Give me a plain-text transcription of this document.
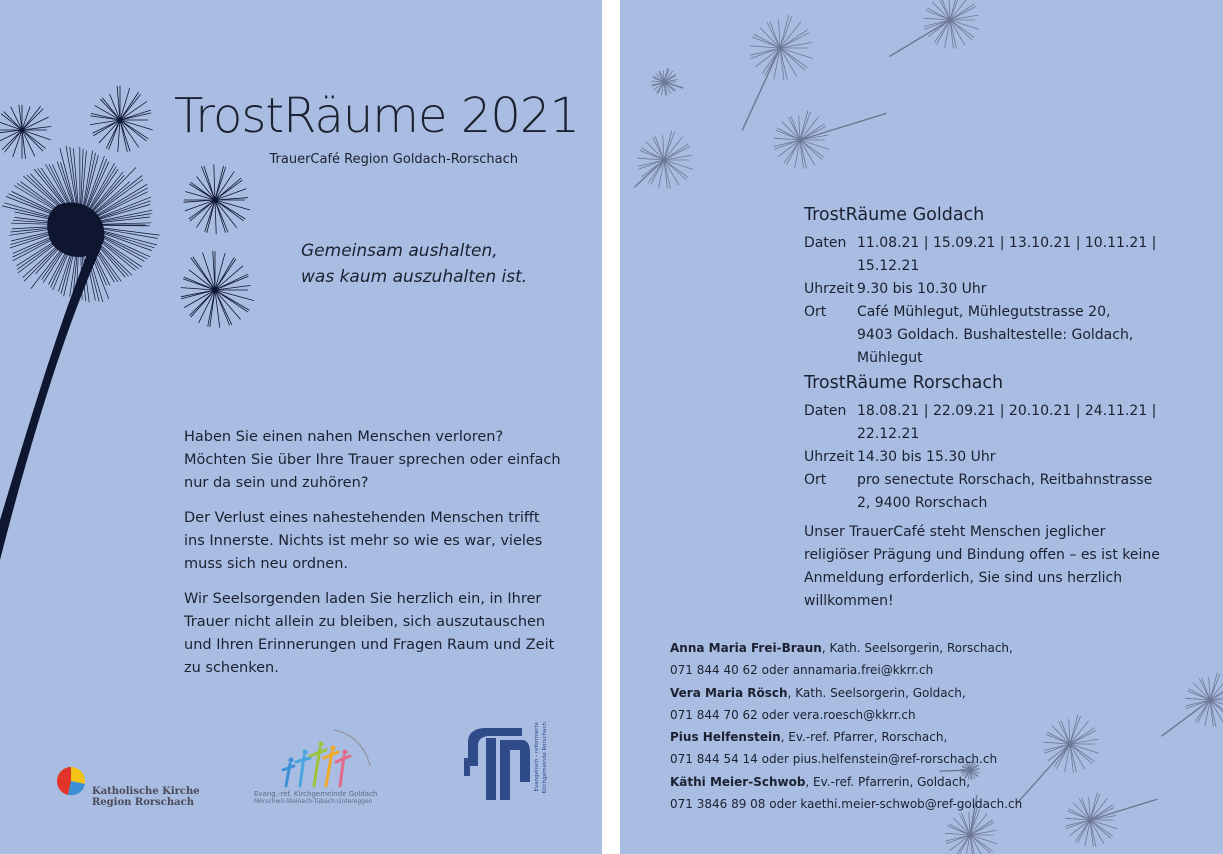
TrostRäume 2021
TrauerCafé Region Goldach-Rorschach
Gemeinsam aushalten,
was kaum auszuhalten ist.

Haben Sie einen nahen Menschen verloren? Möchten Sie über Ihre Trauer sprechen oder einfach nur da sein und zuhören?

Der Verlust eines nahestehenden Menschen trifft ins Innerste. Nichts ist mehr so wie es war, vieles muss sich neu ordnen.

Wir Seelsorgenden laden Sie herzlich ein, in Ihrer Trauer nicht allein zu bleiben, sich auszutauschen und Ihren Erinnerungen und Fragen Raum und Zeit zu schenken.

Katholische Kirche
Region Rorschach
Evang.-ref. Kirchgemeinde Goldach
Mörschwil-Steinach-Tübach-Untereggen
Evangelisch - reformierte Kirchgemeinde Rorschach
TrostRäume Goldach
Daten 11.08.21 | 15.09.21 | 13.10.21 | 10.11.21 | 15.12.21
Uhrzeit 9.30 bis 10.30 Uhr
Ort	Café Mühlegut, Mühlegutstrasse 20, 9403 Goldach. Bushaltestelle: Goldach, Mühlegut
TrostRäume Rorschach
Daten 18.08.21 | 22.09.21 | 20.10.21 | 24.11.21 | 22.12.21
Uhrzeit 14.30 bis 15.30 Uhr
Ort	pro senectute Rorschach, Reitbahnstrasse 2, 9400 Rorschach
Unser TrauerCafé steht Menschen jeglicher religiöser Prägung und Bindung offen – es ist keine Anmeldung erforderlich, Sie sind uns herzlich willkommen!
Anna Maria Frei-Braun, Kath. Seelsorgerin, Rorschach,
071 844 40 62 oder annamaria.frei@kkrr.ch
Vera Maria Rösch, Kath. Seelsorgerin, Goldach,
071 844 70 62 oder vera.roesch@kkrr.ch
Pius Helfenstein, Ev.-ref. Pfarrer, Rorschach,
071 844 54 14 oder pius.helfenstein@ref-rorschach.ch
Käthi Meier-Schwob, Ev.-ref. Pfarrerin, Goldach,
071 3846 89 08 oder kaethi.meier-schwob@ref-goldach.ch
